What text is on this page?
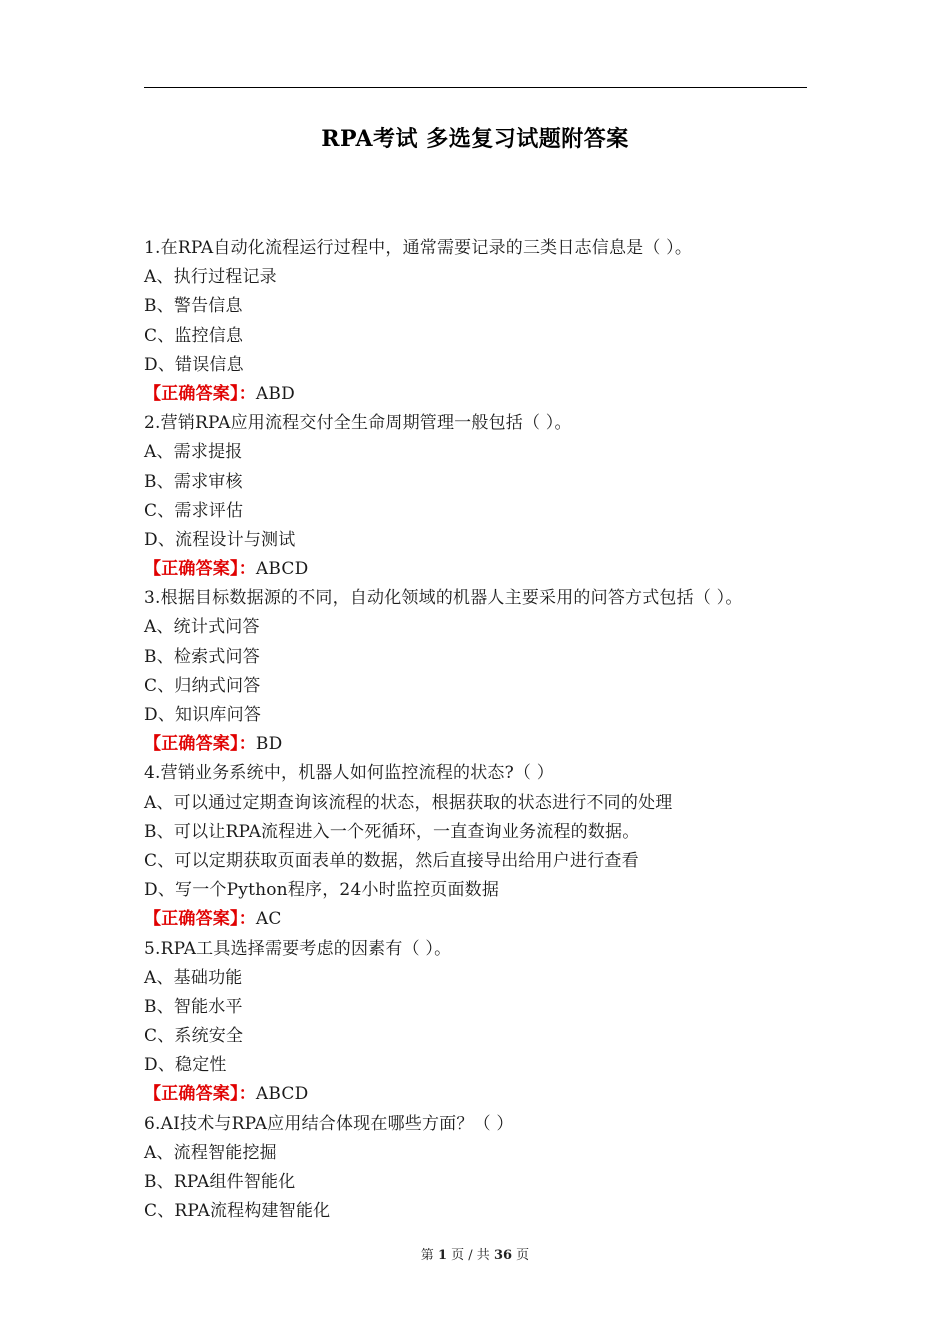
RPA考试 多选复习试题附答案
1.在RPA自动化流程运行过程中，通常需要记录的三类日志信息是（ ）。
A、执行过程记录
B、警告信息
C、监控信息
D、错误信息
【正确答案】：ABD
2.营销RPA应用流程交付全生命周期管理一般包括（ ）。
A、需求提报
B、需求审核
C、需求评估
D、流程设计与测试
【正确答案】：ABCD
3.根据目标数据源的不同，自动化领域的机器人主要采用的问答方式包括（ ）。
A、统计式问答
B、检索式问答
C、归纳式问答
D、知识库问答
【正确答案】：BD
4.营销业务系统中，机器人如何监控流程的状态?（ ）
A、可以通过定期查询该流程的状态，根据获取的状态进行不同的处理
B、可以让RPA流程进入一个死循环，一直查询业务流程的数据。
C、可以定期获取页面表单的数据，然后直接导出给用户进行查看
D、写一个Python程序，24小时监控页面数据
【正确答案】：AC
5.RPA工具选择需要考虑的因素有（ ）。
A、基础功能
B、智能水平
C、系统安全
D、稳定性
【正确答案】：ABCD
6.AI技术与RPA应用结合体现在哪些方面？（ ）
A、流程智能挖掘
B、RPA组件智能化
C、RPA流程构建智能化
第 1 页 / 共 36 页
